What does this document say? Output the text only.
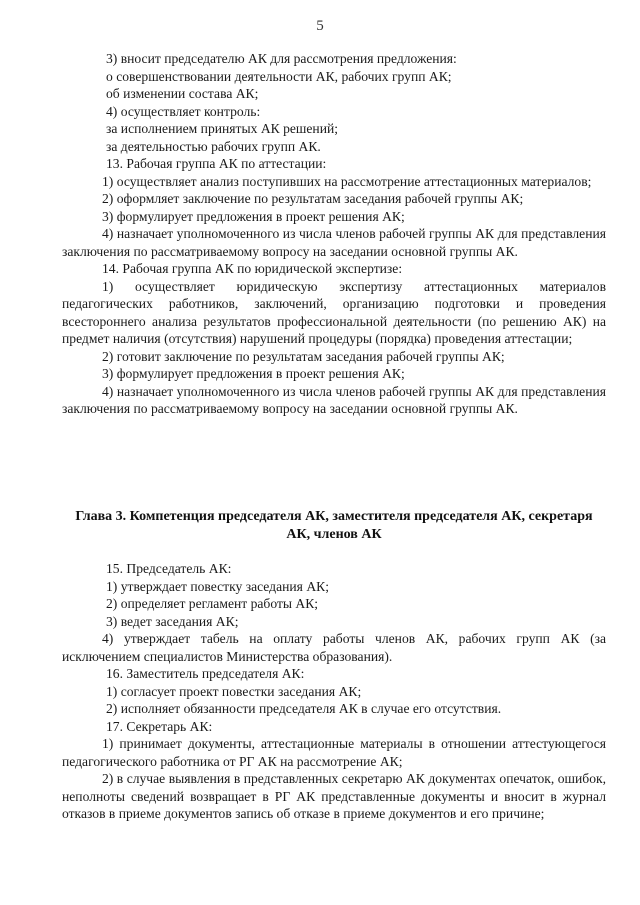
5

3) вносит председателю АК для рассмотрения предложения:

о совершенствовании деятельности АК, рабочих групп АК;

об изменении состава АК;

4) осуществляет контроль:

за исполнением принятых АК решений;

за деятельностью рабочих групп АК.

13. Рабочая группа АК по аттестации:

1) осуществляет анализ поступивших на рассмотрение аттестационных материалов;

2) оформляет заключение по результатам заседания рабочей группы АК;

3) формулирует предложения в проект решения АК;

4) назначает уполномоченного из числа членов рабочей группы АК для представления заключения по рассматриваемому вопросу на заседании основной группы АК.

14. Рабочая группа АК по юридической экспертизе:

1) осуществляет юридическую экспертизу аттестационных материалов педагогических работников, заключений, организацию подготовки и проведения всестороннего анализа результатов профессиональной деятельности (по решению АК) на предмет наличия (отсутствия) нарушений процедуры (порядка) проведения аттестации;

2) готовит заключение по результатам заседания рабочей группы АК;

3) формулирует предложения в проект решения АК;

4) назначает уполномоченного из числа членов рабочей группы АК для представления заключения по рассматриваемому вопросу на заседании основной группы АК.

Глава 3. Компетенция председателя АК, заместителя председателя АК, секретаря АК, членов АК

15. Председатель АК:

1) утверждает повестку заседания АК;

2) определяет регламент работы АК;

3) ведет заседания АК;

4) утверждает табель на оплату работы членов АК, рабочих групп АК (за исключением специалистов Министерства образования).

16. Заместитель председателя АК:

1) согласует проект повестки заседания АК;

2) исполняет обязанности председателя АК в случае его отсутствия.

17. Секретарь АК:

1) принимает документы, аттестационные материалы в отношении аттестующегося педагогического работника от РГ АК на рассмотрение АК;

2) в случае выявления в представленных секретарю АК документах опечаток, ошибок, неполноты сведений возвращает в РГ АК представленные документы и вносит в журнал отказов в приеме документов запись об отказе в приеме документов и его причине;
